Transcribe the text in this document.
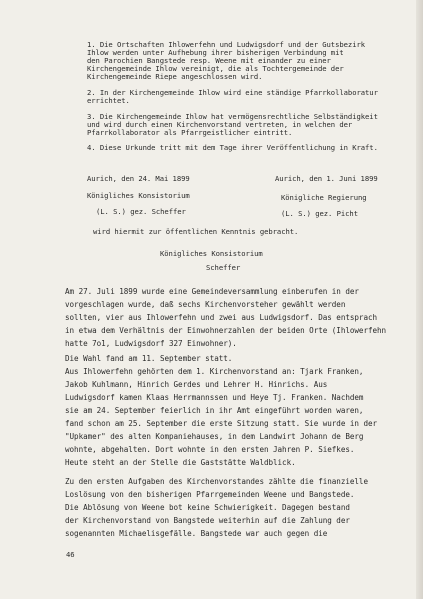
1. Die Ortschaften Ihlowerfehn und Ludwigsdorf und der Gutsbezirk
Ihlow werden unter Aufhebung ihrer bisherigen Verbindung mit
den Parochien Bangstede resp. Weene mit einander zu einer
Kirchengemeinde Ihlow vereinigt, die als Tochtergemeinde der
Kirchengemeinde Riepe angeschlossen wird.
2. In der Kirchengemeinde Ihlow wird eine ständige Pfarrkollaboratur
errichtet.
3. Die Kirchengemeinde Ihlow hat vermögensrechtliche Selbständigkeit
und wird durch einen Kirchenvorstand vertreten, in welchen der
Pfarrkollaborator als Pfarrgeistlicher eintritt.
4. Diese Urkunde tritt mit dem Tage ihrer Veröffentlichung in Kraft.
Aurich, den 24. Mai 1899	Aurich, den 1. Juni 1899
Königliches Konsistorium	Königliche Regierung
(L. S.) gez. Scheffer	(L. S.) gez. Picht
wird hiermit zur öffentlichen Kenntnis gebracht.
Königliches Konsistorium
Scheffer
Am 27. Juli 1899 wurde eine Gemeindeversammlung einberufen in der
vorgeschlagen wurde, daß sechs Kirchenvorsteher gewählt werden
sollten, vier aus Ihlowerfehn und zwei aus Ludwigsdorf. Das entsprach
in etwa dem Verhältnis der Einwohnerzahlen der beiden Orte (Ihlowerfehn
hatte 7o1, Ludwigsdorf 327 Einwohner).
Die Wahl fand am 11. September statt.
Aus Ihlowerfehn gehörten dem 1. Kirchenvorstand an: Tjark Franken,
Jakob Kuhlmann, Hinrich Gerdes und Lehrer H. Hinrichs. Aus
Ludwigsdorf kamen Klaas Herrmannssen und Heye Tj. Franken. Nachdem
sie am 24. September feierlich in ihr Amt eingeführt worden waren,
fand schon am 25. September die erste Sitzung statt. Sie wurde in der
"Upkamer" des alten Kompaniehauses, in dem Landwirt Johann de Berg
wohnte, abgehalten. Dort wohnte in den ersten Jahren P. Siefkes.
Heute steht an der Stelle die Gaststätte Waldblick.
Zu den ersten Aufgaben des Kirchenvorstandes zählte die finanzielle
Loslösung von den bisherigen Pfarrgemeinden Weene und Bangstede.
Die Ablösung von Weene bot keine Schwierigkeit. Dagegen bestand
der Kirchenvorstand von Bangstede weiterhin auf die Zahlung der
sogenannten Michaelisgefälle. Bangstede war auch gegen die
46
